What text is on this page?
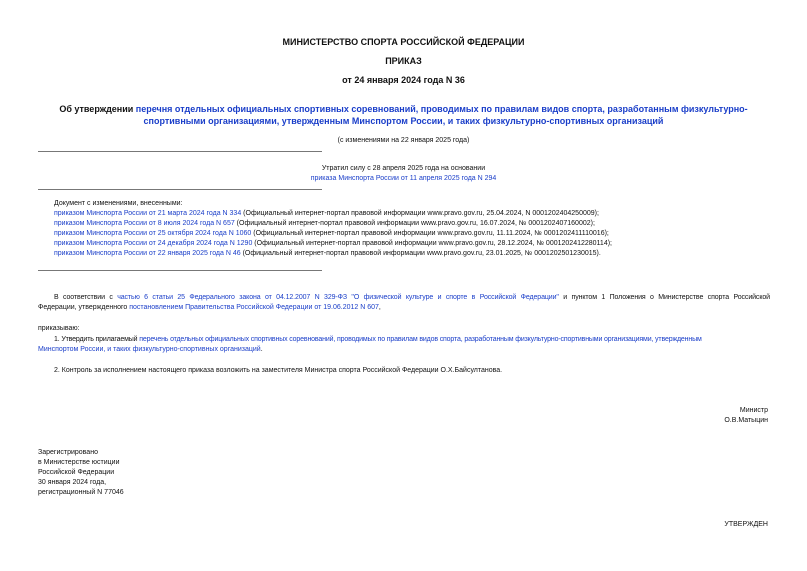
МИНИСТЕРСТВО СПОРТА РОССИЙСКОЙ ФЕДЕРАЦИИ
ПРИКАЗ
от 24 января 2024 года N 36
Об утверждении перечня отдельных официальных спортивных соревнований, проводимых по правилам видов спорта, разработанным физкультурно-
спортивными организациями, утвержденным Минспортом России, и таких физкультурно-спортивных организаций
(с изменениями на 22 января 2025 года)
Утратил силу с 28 апреля 2025 года на основании
приказа Минспорта России от 11 апреля 2025 года N 294
Документ с изменениями, внесенными:
приказом Минспорта России от 21 марта 2024 года N 334 (Официальный интернет-портал правовой информации www.pravo.gov.ru, 25.04.2024, N 0001202404250009);
приказом Минспорта России от 8 июля 2024 года N 657 (Официальный интернет-портал правовой информации www.pravo.gov.ru, 16.07.2024, № 0001202407160002);
приказом Минспорта России от 25 октября 2024 года N 1060 (Официальный интернет-портал правовой информации www.pravo.gov.ru, 11.11.2024, № 0001202411110016);
приказом Минспорта России от 24 декабря 2024 года N 1290 (Официальный интернет-портал правовой информации www.pravo.gov.ru, 28.12.2024, № 0001202412280114);
приказом Минспорта России от 22 января 2025 года N 46 (Официальный интернет-портал правовой информации www.pravo.gov.ru, 23.01.2025, № 0001202501230015).
В соответствии с частью 6 статьи 25 Федерального закона от 04.12.2007 N 329-ФЗ "О физической культуре и спорте в Российской Федерации" и пунктом 1 Положения о Министерстве спорта Российской
Федерации, утвержденного постановлением Правительства Российской Федерации от 19.06.2012 N 607,
приказываю:
1. Утвердить прилагаемый перечень отдельных официальных спортивных соревнований, проводимых по правилам видов спорта, разработанным физкультурно-спортивными организациями, утвержденным
Минспортом России, и таких физкультурно-спортивных организаций.
2. Контроль за исполнением настоящего приказа возложить на заместителя Министра спорта Российской Федерации О.Х.Байсултанова.
Министр
О.В.Матыцин
Зарегистрировано
в Министерстве юстиции
Российской Федерации
30 января 2024 года,
регистрационный N 77046
УТВЕРЖДЕН
